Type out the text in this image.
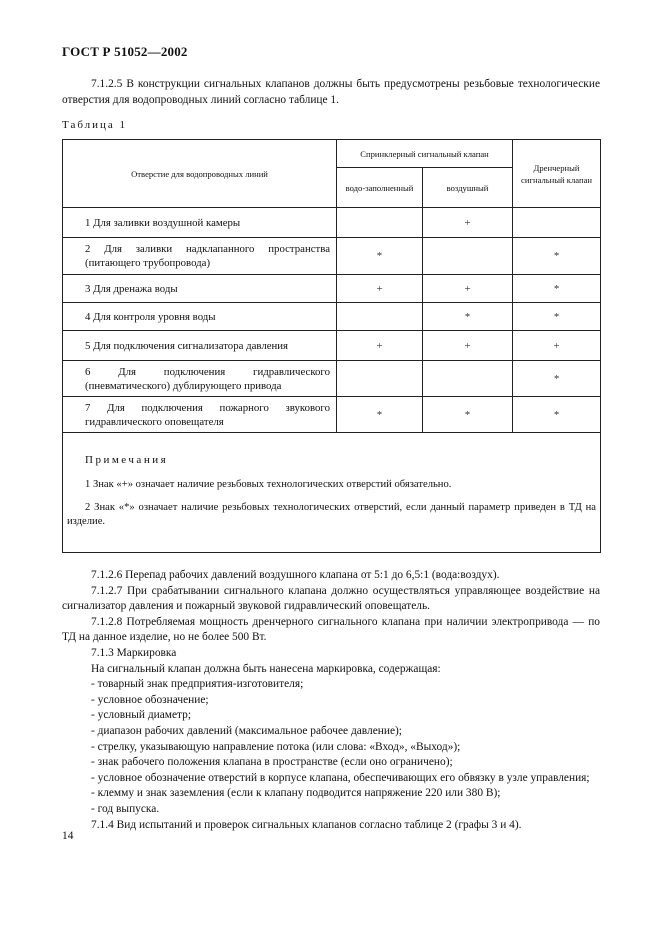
ГОСТ Р 51052—2002
7.1.2.5 В конструкции сигнальных клапанов должны быть предусмотрены резьбовые технологические отверстия для водопроводных линий согласно таблице 1.
Таблица 1
Отверстие для водопроводных линий	Спринклерный сигнальный клапан		Дренчерный сигнальный клапан
	водо-заполненный	воздушный	
1 Для заливки воздушной камеры		+	
2 Для заливки надклапанного пространства (питающего трубопровода)	*		*
3 Для дренажа воды	+	+	*
4 Для контроля уровня воды		*	*
5 Для подключения сигнализатора давления	+	+	+
6 Для подключения гидравлического (пневматического) дублирующего привода			*
7 Для подключения пожарного звукового гидравлического оповещателя	*	*	*

Примечания
1 Знак «+» означает наличие резьбовых технологических отверстий обязательно.
2 Знак «*» означает наличие резьбовых технологических отверстий, если данный параметр приведен в ТД на изделие.			
7.1.2.6 Перепад рабочих давлений воздушного клапана от 5:1 до 6,5:1 (вода:воздух).
7.1.2.7 При срабатывании сигнального клапана должно осуществляться управляющее воздействие на сигнализатор давления и пожарный звуковой гидравлический оповещатель.
7.1.2.8 Потребляемая мощность дренчерного сигнального клапана при наличии электропривода — по ТД на данное изделие, но не более 500 Вт.
7.1.3 Маркировка
На сигнальный клапан должна быть нанесена маркировка, содержащая:
- товарный знак предприятия-изготовителя;
- условное обозначение;
- условный диаметр;
- диапазон рабочих давлений (максимальное рабочее давление);
- стрелку, указывающую направление потока (или слова: «Вход», «Выход»);
- знак рабочего положения клапана в пространстве (если оно ограничено);
- условное обозначение отверстий в корпусе клапана, обеспечивающих его обвязку в узле управления;
- клемму и знак заземления (если к клапану подводится напряжение 220 или 380 В);
- год выпуска.
7.1.4 Вид испытаний и проверок сигнальных клапанов согласно таблице 2 (графы 3 и 4).
14
